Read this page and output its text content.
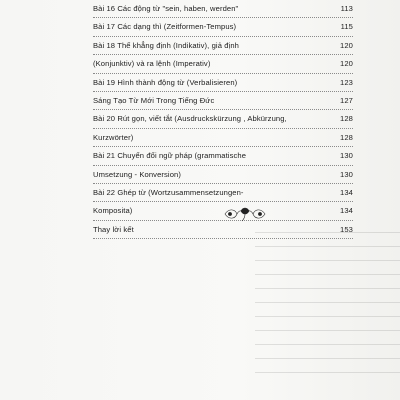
Bài 16 Các động từ "sein, haben, werden"	113
Bài 17 Các dạng thì (Zeitformen-Tempus)	115
Bài 18 Thể khẳng định (Indikativ), giả định	120
(Konjunktiv) và ra lệnh (Imperativ)	120
Bài 19 Hình thành động từ (Verbalisieren)	123
Sáng Tạo Từ Mới Trong Tiếng Đức	127
Bài 20 Rút gọn, viết tắt (Ausdruckskürzung , Abkürzung,	128
Kurzwörter)	128
Bài 21 Chuyển đổi ngữ pháp (grammatische	130
Umsetzung - Konversion)	130
Bài 22 Ghép từ (Wortzusammensetzungen-	134
Komposita)	134
Thay lời kết	153
